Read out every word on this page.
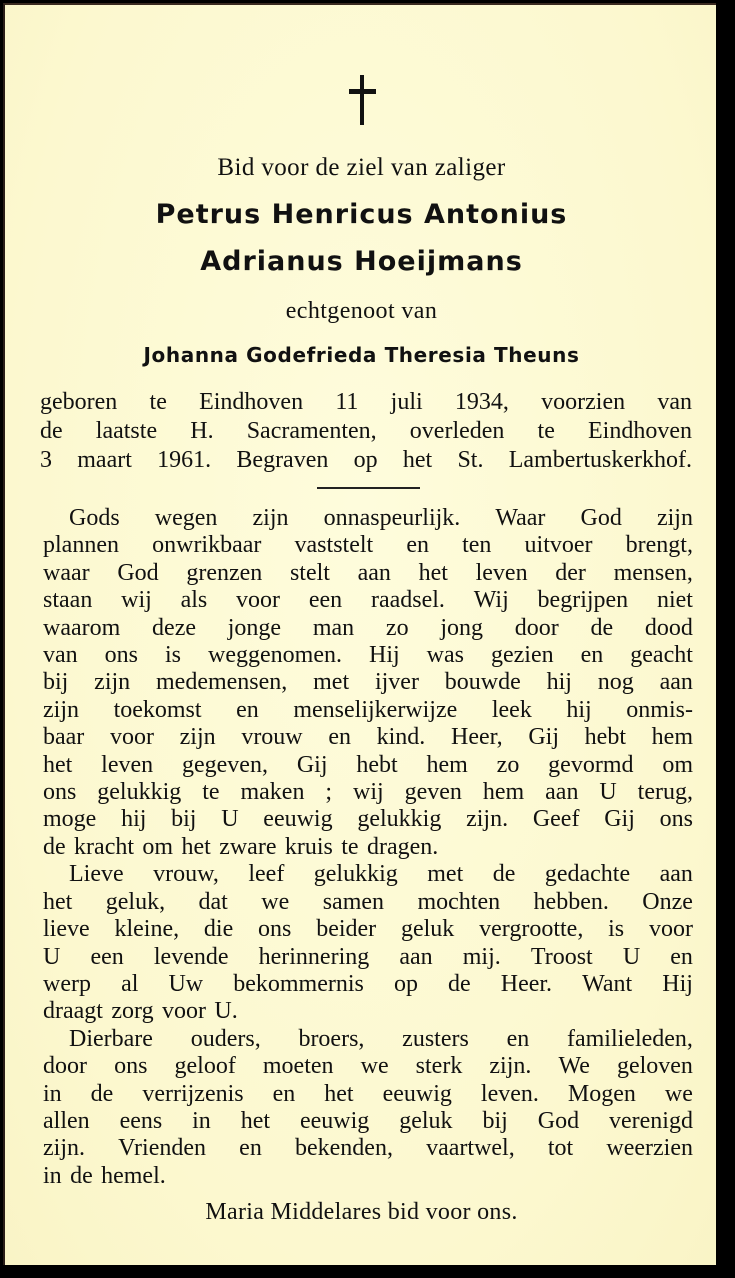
Bid voor de ziel van zaliger
Petrus Henricus Antonius
Adrianus Hoeijmans
echtgenoot van
Johanna Godefrieda Theresia Theuns
geboren te Eindhoven 11 juli 1934, voorzien van
de laatste H. Sacramenten, overleden te Eindhoven
3 maart 1961. Begraven op het St. Lambertuskerkhof.
Gods wegen zijn onnaspeurlijk. Waar God zijn
plannen onwrikbaar vaststelt en ten uitvoer brengt,
waar God grenzen stelt aan het leven der mensen,
staan wij als voor een raadsel. Wij begrijpen niet
waarom deze jonge man zo jong door de dood
van ons is weggenomen. Hij was gezien en geacht
bij zijn medemensen, met ijver bouwde hij nog aan
zijn toekomst en menselijkerwijze leek hij onmis-
baar voor zijn vrouw en kind. Heer, Gij hebt hem
het leven gegeven, Gij hebt hem zo gevormd om
ons gelukkig te maken ; wij geven hem aan U terug,
moge hij bij U eeuwig gelukkig zijn. Geef Gij ons
de kracht om het zware kruis te dragen.
Lieve vrouw, leef gelukkig met de gedachte aan
het geluk, dat we samen mochten hebben. Onze
lieve kleine, die ons beider geluk vergrootte, is voor
U een levende herinnering aan mij. Troost U en
werp al Uw bekommernis op de Heer. Want Hij
draagt zorg voor U.
Dierbare ouders, broers, zusters en familieleden,
door ons geloof moeten we sterk zijn. We geloven
in de verrijzenis en het eeuwig leven. Mogen we
allen eens in het eeuwig geluk bij God verenigd
zijn. Vrienden en bekenden, vaartwel, tot weerzien
in de hemel.
Maria Middelares bid voor ons.
